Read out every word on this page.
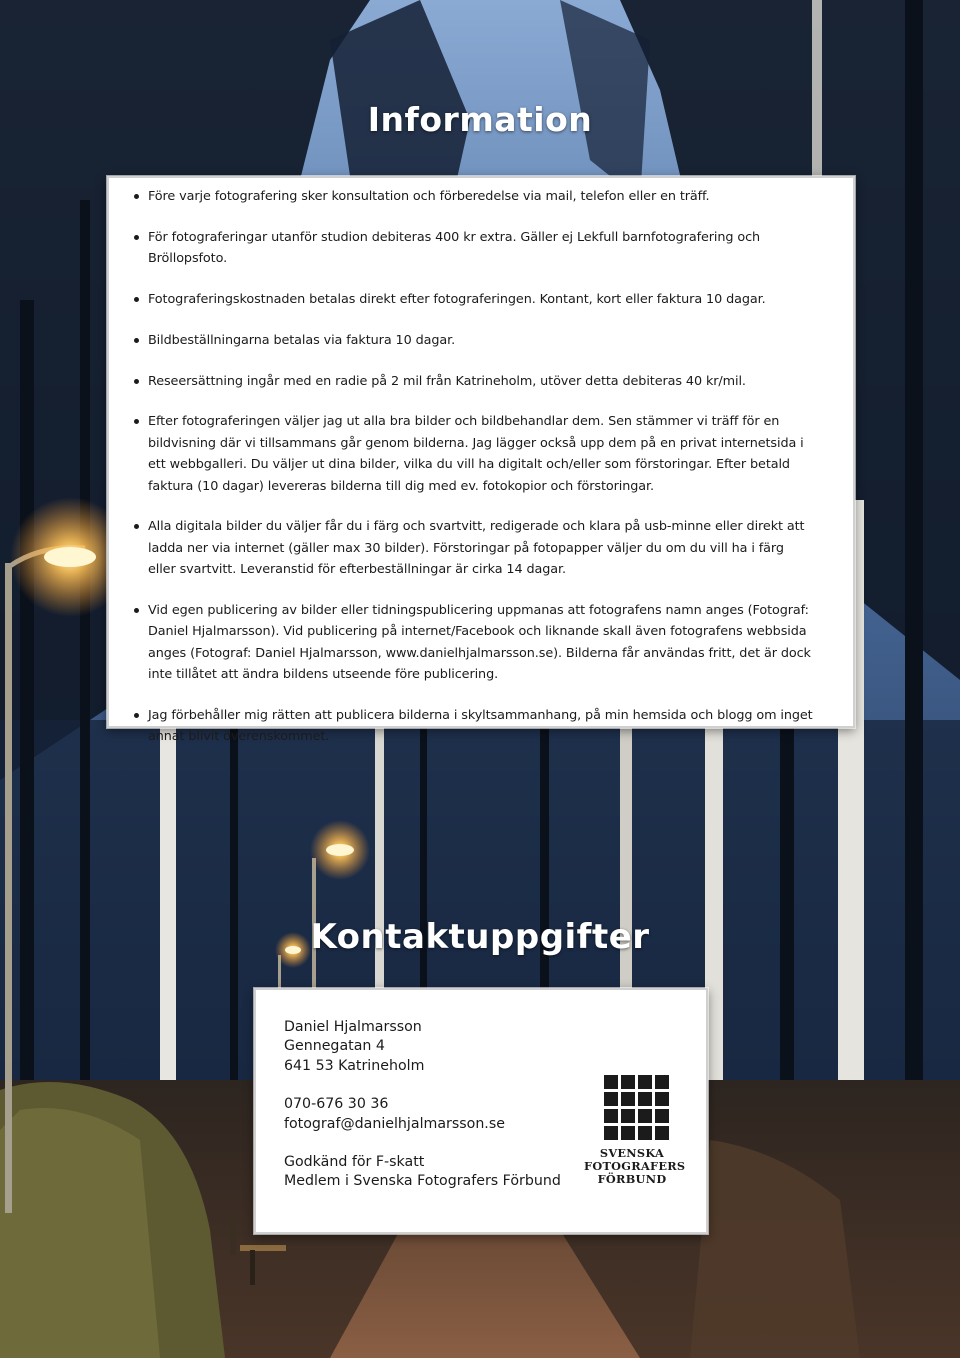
Information
Före varje fotografering sker konsultation och förberedelse via mail, telefon eller en träff.
För fotograferingar utanför studion debiteras 400 kr extra. Gäller ej Lekfull barnfotografering och Bröllopsfoto.
Fotograferingskostnaden betalas direkt efter fotograferingen. Kontant, kort eller faktura 10 dagar.
Bildbeställningarna betalas via faktura 10 dagar.
Reseersättning ingår med en radie på 2 mil från Katrineholm, utöver detta debiteras 40 kr/mil.
Efter fotograferingen väljer jag ut alla bra bilder och bildbehandlar dem. Sen stämmer vi träff för en bildvisning där vi tillsammans går genom bilderna. Jag lägger också upp dem på en privat internetsida i ett webbgalleri. Du väljer ut dina bilder, vilka du vill ha digitalt och/eller som förstoringar. Efter betald faktura (10 dagar) levereras bilderna till dig med ev. fotokopior och förstoringar.
Alla digitala bilder du väljer får du i färg och svartvitt, redigerade och klara på usb-minne eller direkt att ladda ner via internet (gäller max 30 bilder). Förstoringar på fotopapper väljer du om du vill ha i färg eller svartvitt. Leveranstid för efterbeställningar är cirka 14 dagar.
Vid egen publicering av bilder eller tidningspublicering uppmanas att fotografens namn anges (Fotograf: Daniel Hjalmarsson). Vid publicering på internet/Facebook och liknande skall även fotografens webbsida anges (Fotograf: Daniel Hjalmarsson, www.danielhjalmarsson.se). Bilderna får användas fritt, det är dock inte tillåtet att ändra bildens utseende före publicering.
Jag förbehåller mig rätten att publicera bilderna i skyltsammanhang, på min hemsida och blogg om inget annat blivit överenskommet.
Kontaktuppgifter
Daniel Hjalmarsson
Gennegatan 4
641 53 Katrineholm
070-676 30 36
fotograf@danielhjalmarsson.se
Godkänd för F-skatt
Medlem i Svenska Fotografers Förbund
SVENSKA
FOTOGRAFERS
FÖRBUND
